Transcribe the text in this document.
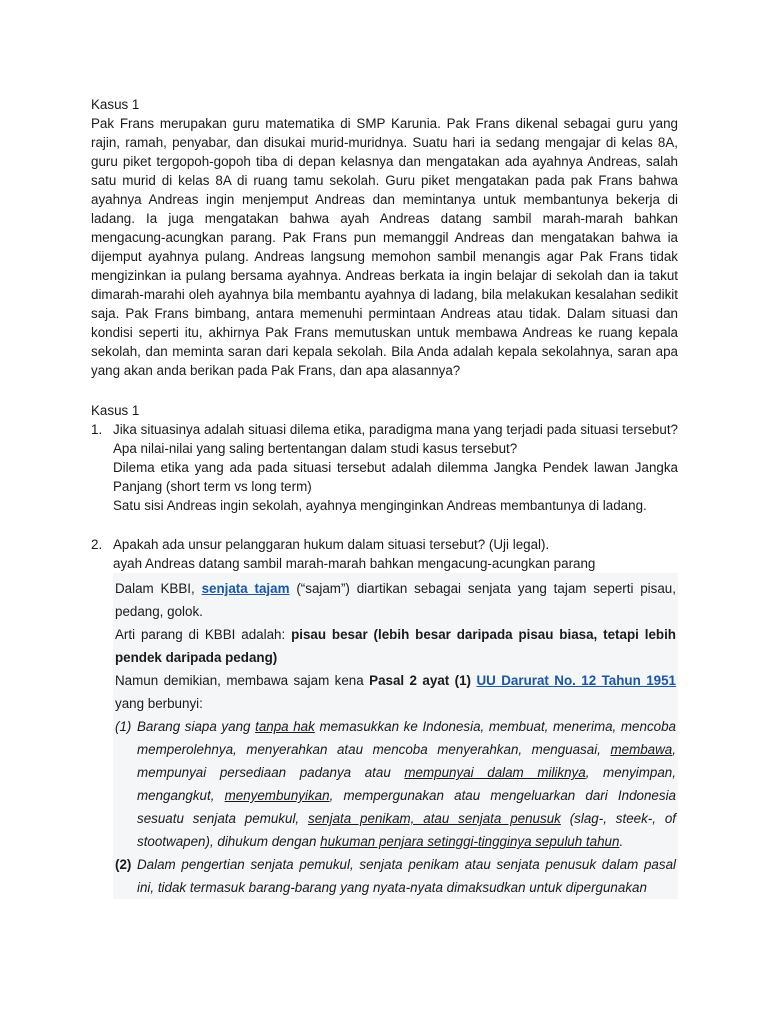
Kasus 1

Pak Frans merupakan guru matematika di SMP Karunia. Pak Frans dikenal sebagai guru yang rajin, ramah, penyabar, dan disukai murid-muridnya. Suatu hari ia sedang mengajar di kelas 8A, guru piket tergopoh-gopoh tiba di depan kelasnya dan mengatakan ada ayahnya Andreas, salah satu murid di kelas 8A di ruang tamu sekolah. Guru piket mengatakan pada pak Frans bahwa ayahnya Andreas ingin menjemput Andreas dan memintanya untuk membantunya bekerja di ladang. Ia juga mengatakan bahwa ayah Andreas datang sambil marah-marah bahkan mengacung-acungkan parang. Pak Frans pun memanggil Andreas dan mengatakan bahwa ia dijemput ayahnya pulang. Andreas langsung memohon sambil menangis agar Pak Frans tidak mengizinkan ia pulang bersama ayahnya. Andreas berkata ia ingin belajar di sekolah dan ia takut dimarah-marahi oleh ayahnya bila membantu ayahnya di ladang, bila melakukan kesalahan sedikit saja. Pak Frans bimbang, antara memenuhi permintaan Andreas atau tidak. Dalam situasi dan kondisi seperti itu, akhirnya Pak Frans memutuskan untuk membawa Andreas ke ruang kepala sekolah, dan meminta saran dari kepala sekolah. Bila Anda adalah kepala sekolahnya, saran apa yang akan anda berikan pada Pak Frans, dan apa alasannya?

Kasus 1

1. Jika situasinya adalah situasi dilema etika, paradigma mana yang terjadi pada situasi tersebut? Apa nilai-nilai yang saling bertentangan dalam studi kasus tersebut?
Dilema etika yang ada pada situasi tersebut adalah dilemma Jangka Pendek lawan Jangka Panjang (short term vs long term)
Satu sisi Andreas ingin sekolah, ayahnya menginginkan Andreas membantunya di ladang.
2. Apakah ada unsur pelanggaran hukum dalam situasi tersebut? (Uji legal).
ayah Andreas datang sambil marah-marah bahkan mengacung-acungkan parang

Dalam KBBI, senjata tajam (“sajam”) diartikan sebagai senjata yang tajam seperti pisau, pedang, golok.

Arti parang di KBBI adalah: pisau besar (lebih besar daripada pisau biasa, tetapi lebih pendek daripada pedang)

Namun demikian, membawa sajam kena Pasal 2 ayat (1) UU Darurat No. 12 Tahun 1951 yang berbunyi:

(1) Barang siapa yang tanpa hak memasukkan ke Indonesia, membuat, menerima, mencoba memperolehnya, menyerahkan atau mencoba menyerahkan, menguasai, membawa, mempunyai persediaan padanya atau mempunyai dalam miliknya, menyimpan, mengangkut, menyembunyikan, mempergunakan atau mengeluarkan dari Indonesia sesuatu senjata pemukul, senjata penikam, atau senjata penusuk (slag-, steek-, of stootwapen), dihukum dengan hukuman penjara setinggi-tingginya sepuluh tahun.
(2) Dalam pengertian senjata pemukul, senjata penikam atau senjata penusuk dalam pasal ini, tidak termasuk barang-barang yang nyata-nyata dimaksudkan untuk dipergunakan
